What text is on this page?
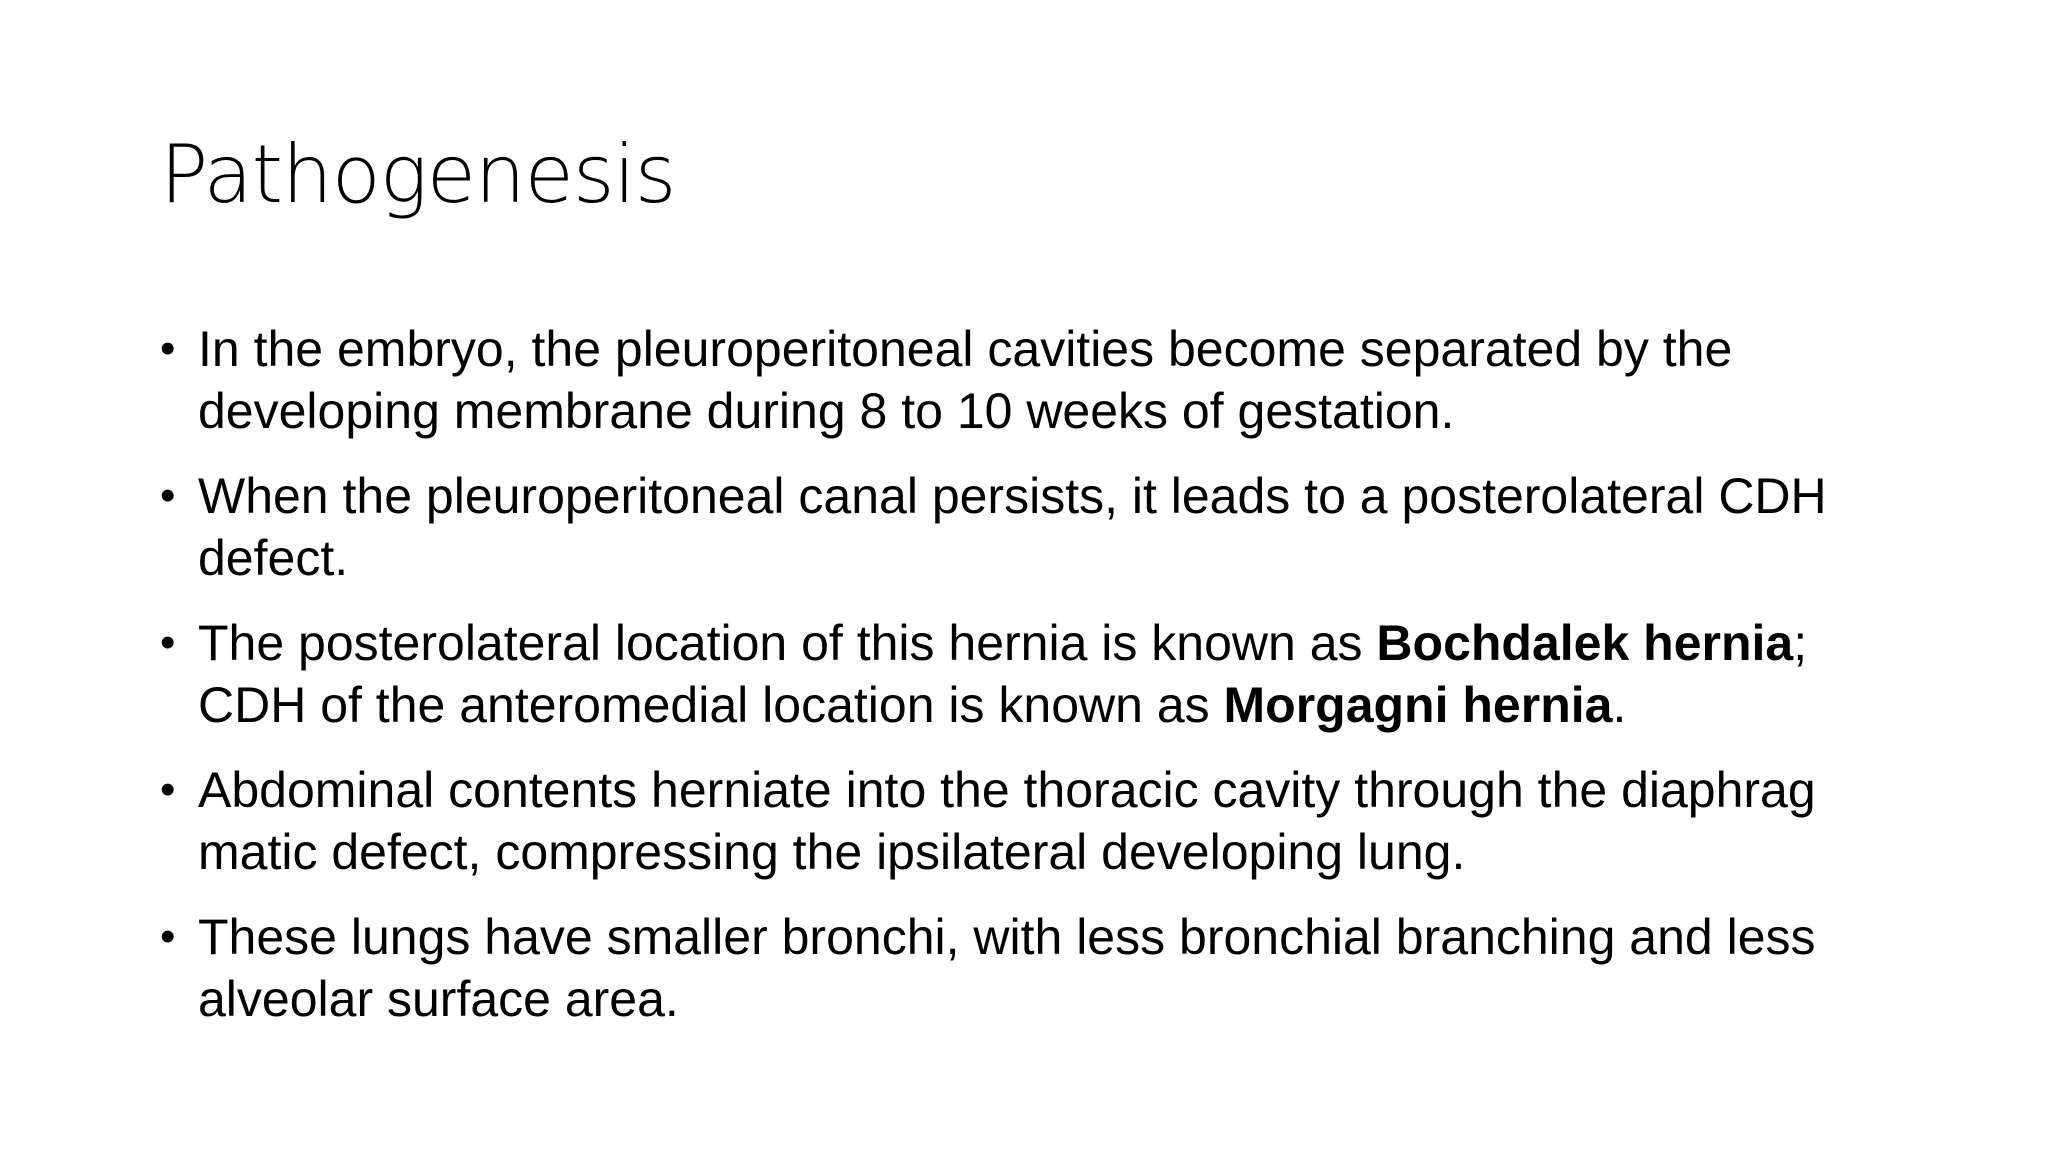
Pathogenesis
• In the embryo, the pleuroperitoneal cavities become separated by the developing membrane during 8 to 10 weeks of gestation.
• When the pleuroperitoneal canal persists, it leads to a posterolateral CDH defect.
• The posterolateral location of this hernia is known as Bochdalek hernia; CDH of the anteromedial location is known as Morgagni hernia.
• Abdominal contents herniate into the thoracic cavity through the diaphrag matic defect, compressing the ipsilateral developing lung.
• These lungs have smaller bronchi, with less bronchial branching and less alveolar surface area.
